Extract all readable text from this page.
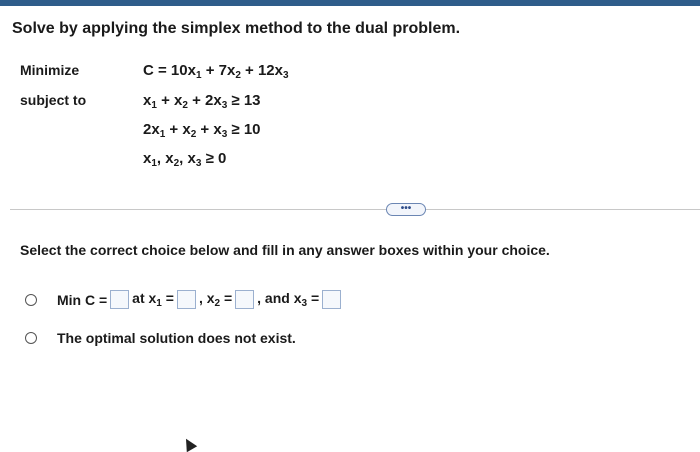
Solve by applying the simplex method to the dual problem.
Minimize
subject to
$C = 10x_1 + 7x_2 + 12x_3$
$x_1 + x_2 + 2x_3 \ge 13$
$2x_1 + x_2 + x_3 \ge 10$
$x_1$, $x_2$, $x_3 \ge 0$
•••
Select the correct choice below and fill in any answer boxes within your choice.
Min C = at $x_1$ = , $x_2$ = , and $x_3$ =
The optimal solution does not exist.
